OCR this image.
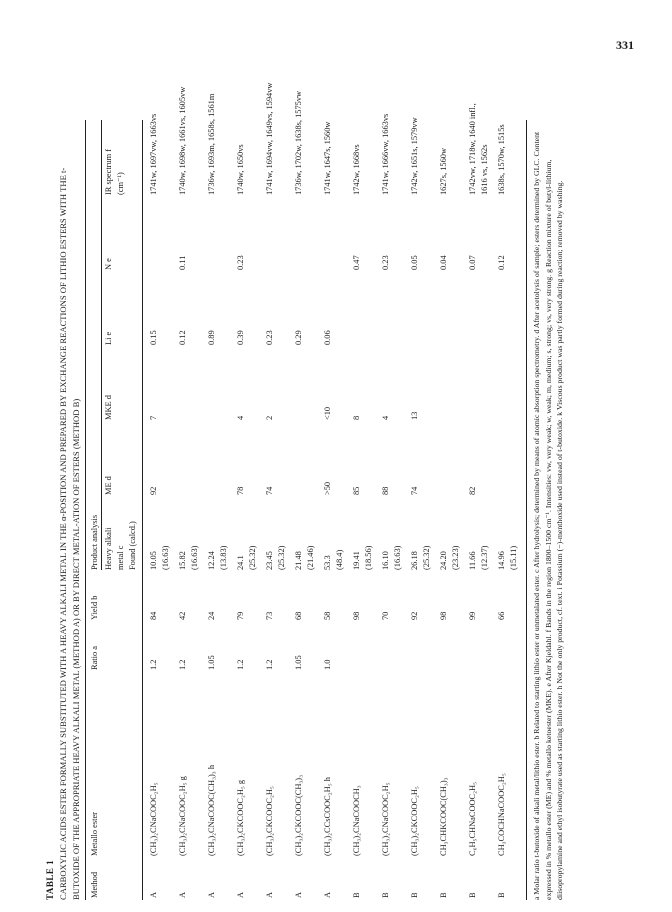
331
TABLE 1 CARBOXYLIC ACIDS ESTER FORMALLY SUBSTITUTED WITH A HEAVY ALKALI METAL IN THE α-POSITION AND PREPARED BY EXCHANGE REACTIONS OF LITHIO ESTERS WITH THE t-BUTOXIDE OF THE APPROPRIATE HEAVY ALKALI METAL (METHOD A) OR BY DIRECT METAL-ATION OF ESTERS (METHOD B) Method	Metallo ester	Ratio a	Yield b	Product analysis					

				Heavy alkali metal c Found (calcd.)	ME d	MKE d	Li e	N e	IR spectrum f (cm⁻¹)

A	(CH₃)₂CNaCOOC₂H₅	1.2	84	10.05 (16.63)	92	7	0.15		1741w, 1697vw, 1663vs

A	(CH₃)₂CNaCOOC₂H₅ g	1.2	42	15.82 (16.63)			0.12	0.11	1740w, 1698w, 1661vs, 1605vw

A	(CH₃)₂CNaCOOC(CH₃)₃ h	1.05	24	12.24 (13.83)			0.89		1736w, 1693m, 1658s, 1561m

A	(CH₃)₂CKCOOC₂H₅ g	1.2	79	24.1 (25.32)	78	4	0.39	0.23	1740w, 1650vs

A	(CH₃)₂CKCOOC₂H₅	1.2	73	23.45 (25.32)	74	2	0.23		1741w, 1694vw, 1649vs, 1594vw

A	(CH₃)₂CKCOOC(CH₃)₃	1.05	68	21.48 (21.46)			0.29		1736w, 1702w, 1638s, 1575vw

A	(CH₃)₂CCsCOOC₂H₅ h	1.0	58	53.3 (48.4)	>50	<10	0.06		1741w, 1647s, 1560w

B	(CH₃)₂CNaCOOCH₃		98	19.41 (18.56)	85	8		0.47	1742w, 1668vs

B	(CH₃)₂CNaCOOC₂H₅		70	16.10 (16.63)	88	4		0.23	1741w, 1666vw, 1663vs

B	(CH₃)₂CKCOOC₂H₅		92	26.18 (25.32)	74	13		0.05	1742w, 1651s, 1579vw

B	CH₃CHKCOOC(CH₃)₃		98	24.20 (23.23)				0.04	1627s, 1560w

B	C₆H₅CHNaCOOC₂H₅		99	11.66 (12.37)	82			0.07	1742vw, 1718w, 1640 infl., 1616 vs, 1562s

B	CH₃COCHNaCOOC₂H₅		66	14.96 (15.11)				0.12	1638s, 1570w, 1515s	a Molar ratio t-butoxide of alkali metal/lithio ester. b Related to starting lithio ester or unmetalated ester. c After hydrolysis; determined by means of atomic absorption spectrometry. d After acetolysis of sample; esters determined by GLC. Content expressed in % metallo ester (ME) and % metallo ketoester (MKE). e After Kjeldahl. f Bands in the region 1800–1500 cm⁻¹. Intensities: vw, very weak; w, weak; m, medium; s, strong; vs, very strong. g Reaction mixture of butyl-lithium, diisopropylamine and ethyl isobutyrate used as starting lithio ester. h Not the only product, cf. text. i Potassium (−)-menthoxide used instead of t-butoxide. k Viscous product was partly formed during reaction; removed by washing.
